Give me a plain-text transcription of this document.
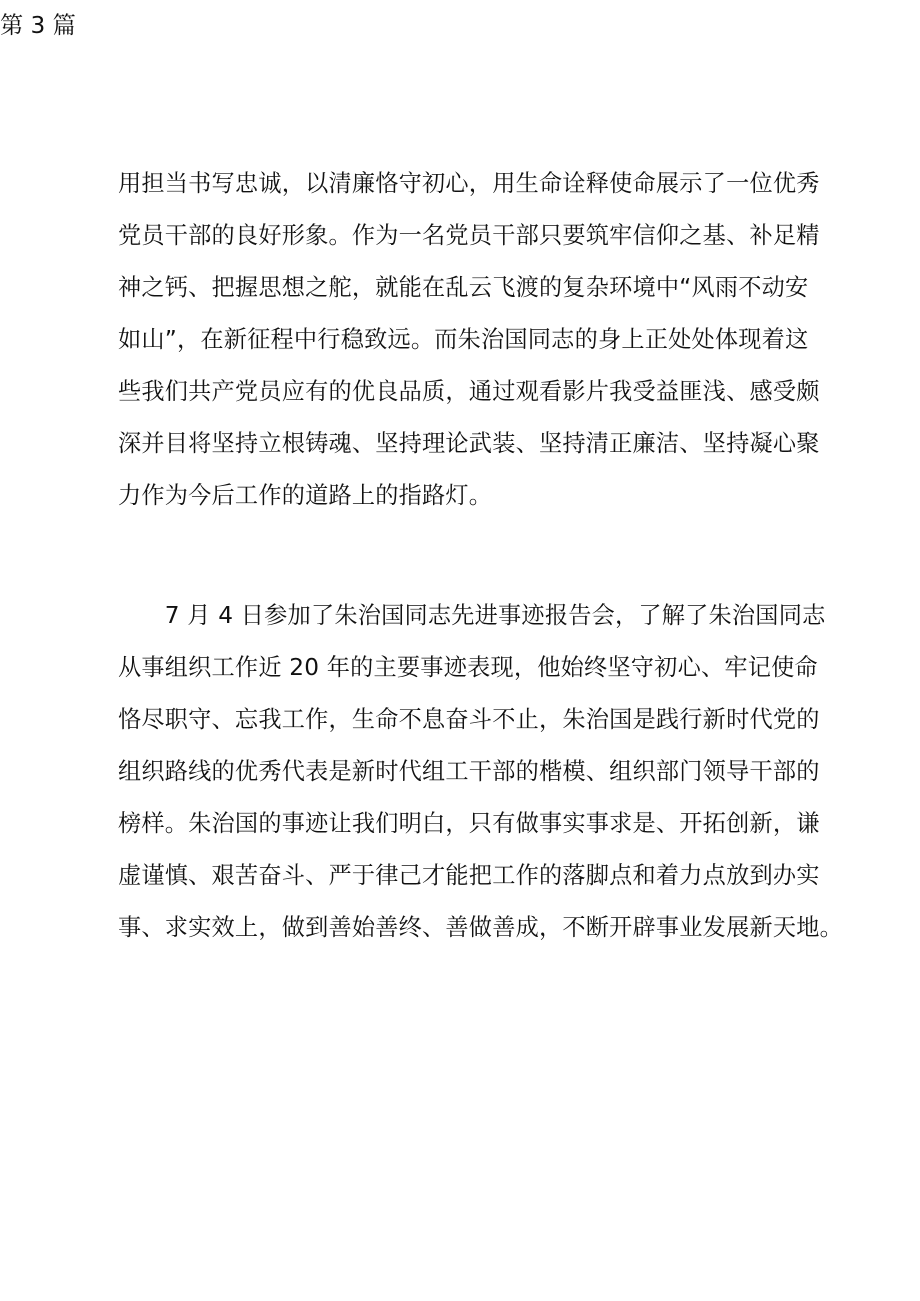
用担当书写忠诚，以清廉恪守初心，用生命诠释使命展示了一位优秀
党员干部的良好形象。作为一名党员干部只要筑牢信仰之基、补足精
神之钙、把握思想之舵，就能在乱云飞渡的复杂环境中“风雨不动安
如山”，在新征程中行稳致远。而朱治国同志的身上正处处体现着这
些我们共产党员应有的优良品质，通过观看影片我受益匪浅、感受颇
深并目将坚持立根铸魂、坚持理论武装、坚持清正廉洁、坚持凝心聚
力作为今后工作的道路上的指路灯。
第 3 篇
　　7 月 4 日参加了朱治国同志先进事迹报告会，了解了朱治国同志
从事组织工作近 20 年的主要事迹表现，他始终坚守初心、牢记使命
恪尽职守、忘我工作，生命不息奋斗不止，朱治国是践行新时代党的
组织路线的优秀代表是新时代组工干部的楷模、组织部门领导干部的
榜样。朱治国的事迹让我们明白，只有做事实事求是、开拓创新，谦
虚谨慎、艰苦奋斗、严于律己才能把工作的落脚点和着力点放到办实
事、求实效上，做到善始善终、善做善成，不断开辟事业发展新天地。
